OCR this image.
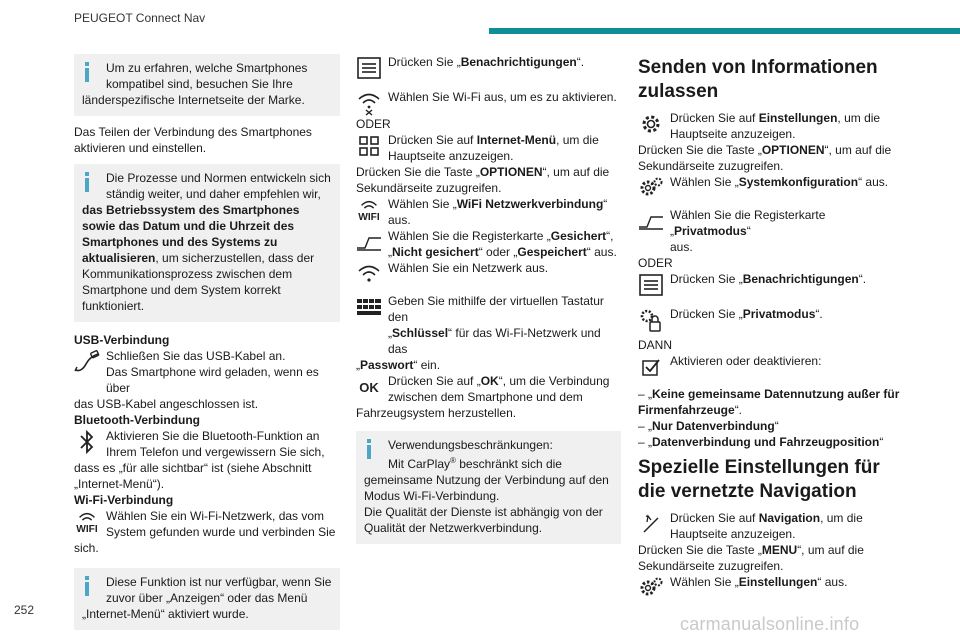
PEUGEOT Connect Nav

Um zu erfahren, welche Smartphones

kompatibel sind, besuchen Sie Ihre

länderspezifische Internetseite der Marke.

Das Teilen der Verbindung des Smartphones aktivieren und einstellen.

Die Prozesse und Normen entwickeln sich

ständig weiter, und daher empfehlen wir,

das Betriebssystem des Smartphones sowie das Datum und die Uhrzeit des Smartphones und des Systems zu aktualisieren, um sicherzustellen, dass der Kommunikationsprozess zwischen dem Smartphone und dem System korrekt funktioniert.

USB-Verbindung

Schließen Sie das USB-Kabel an.
Das Smartphone wird geladen, wenn es über

das USB-Kabel angeschlossen ist.

Bluetooth-Verbindung

Aktivieren Sie die Bluetooth-Funktion an
Ihrem Telefon und vergewissern Sie sich,

dass es „für alle sichtbar“ ist (siehe Abschnitt „Internet-Menü“).

Wi-Fi-Verbindung

WIFI
Wählen Sie ein Wi-Fi-Netzwerk, das vom
System gefunden wurde und verbinden Sie

sich.

Diese Funktion ist nur verfügbar, wenn Sie

zuvor über „Anzeigen“ oder das Menü

„Internet-Menü“ aktiviert wurde.

Drücken Sie „Benachrichtigungen“.
Wählen Sie Wi-Fi aus, um es zu aktivieren.

ODER

Drücken Sie auf Internet-Menü, um die
Hauptseite anzuzeigen.

Drücken Sie die Taste „OPTIONEN“, um auf die Sekundärseite zuzugreifen.

WIFI
Wählen Sie „WiFi Netzwerkverbindung“
aus.
Wählen Sie die Registerkarte „Gesichert“,
„Nicht gesichert“ oder „Gespeichert“ aus.
Wählen Sie ein Netzwerk aus.
Geben Sie mithilfe der virtuellen Tastatur den
„Schlüssel“ für das Wi-Fi-Netzwerk und das

„Passwort“ ein.

OK Drücken Sie auf „OK“, um die Verbindung
zwischen dem Smartphone und dem

Fahrzeugsystem herzustellen.

Verwendungsbeschränkungen:

Mit CarPlay® beschränkt sich die

gemeinsame Nutzung der Verbindung auf den Modus Wi-Fi-Verbindung.

Die Qualität der Dienste ist abhängig von der Qualität der Netzwerkverbindung.

Senden von Informationen zulassen
Drücken Sie auf Einstellungen, um die
Hauptseite anzuzeigen.

Drücken Sie die Taste „OPTIONEN“, um auf die Sekundärseite zuzugreifen.

Wählen Sie „Systemkonfiguration“ aus.
Wählen Sie die Registerkarte „Privatmodus“
aus.

ODER

Drücken Sie „Benachrichtigungen“.
Drücken Sie „Privatmodus“.

DANN

Aktivieren oder deaktivieren:

– „Keine gemeinsame Datennutzung außer für Firmenfahrzeuge“.

– „Nur Datenverbindung“

– „Datenverbindung und Fahrzeugposition“

Spezielle Einstellungen für die vernetzte Navigation
Drücken Sie auf Navigation, um die
Hauptseite anzuzeigen.

Drücken Sie die Taste „MENU“, um auf die Sekundärseite zuzugreifen.

Wählen Sie „Einstellungen“ aus.
252
carmanualsonline.info
